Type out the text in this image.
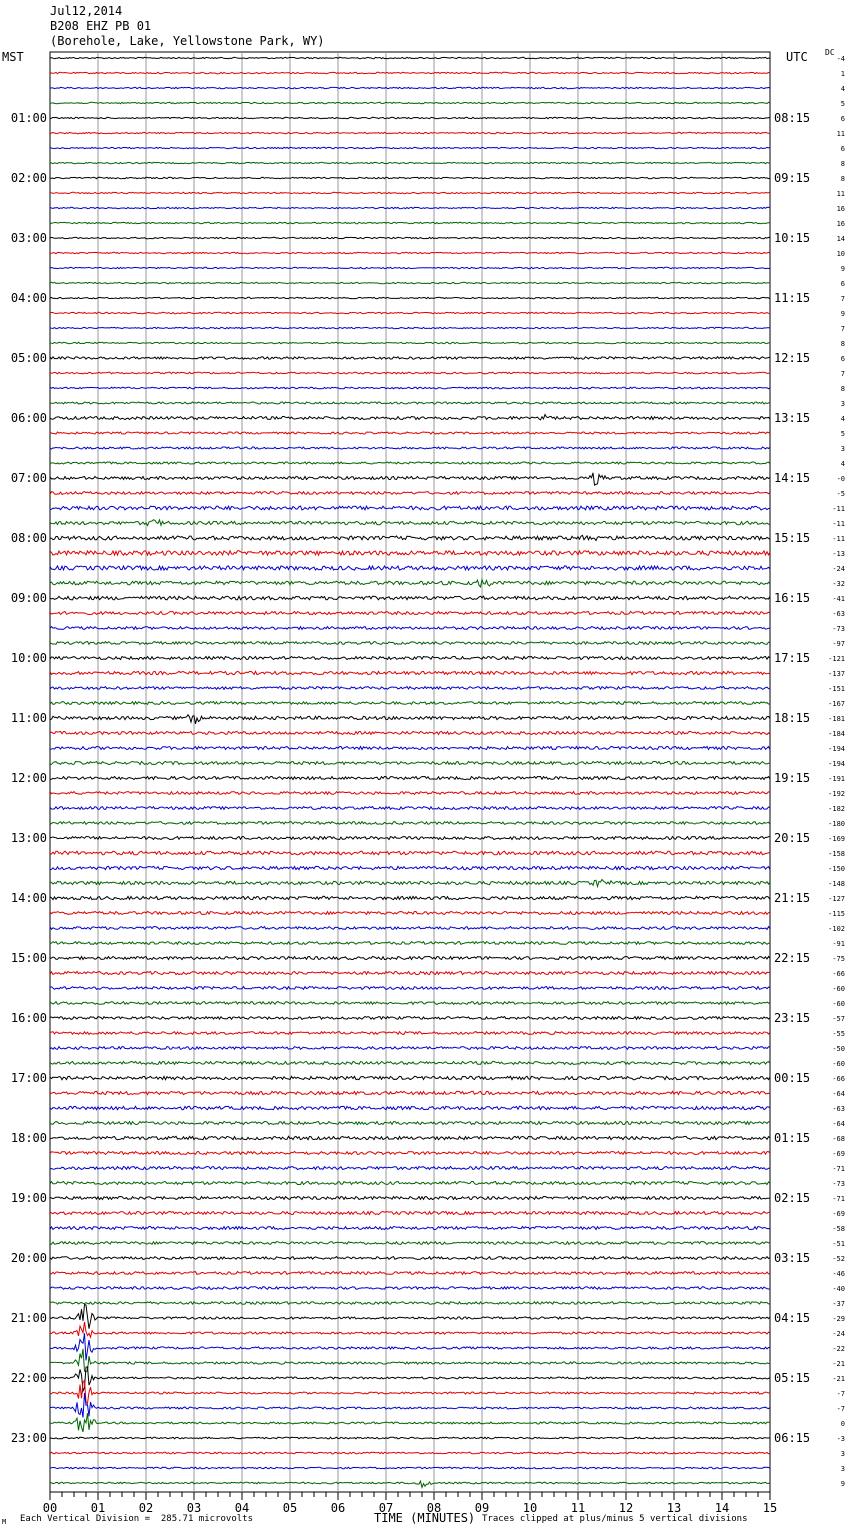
Jul12,2014
B208 EHZ PB 01
(Borehole, Lake, Yellowstone Park, WY)
MST	UTC DC
-4
1
4
5
6
11
6
8
8
11
16
16
14
10
9
6
7
9
7
8
6
7
8
3
4
5
3
4
-0
-5
-11
-11
-11
-13
-24
-32
-41
-63
-73
-97
-121
-137
-151
-167
-181
-184
-194
-194
-191
-192
-182
-180
-169
-158
-150
-148
-127
-115
-102
-91
-75
-66
-60
-60
-57
-55
-50
-60
-66
-64
-63
-64
-68
-69
-71
-73
-71
-69
-58
-51
-52
-46
-40
-37
-29
-24
-22
-21
-21
-7
-7
0
-3
3
3
9
01:00	08:15
02:00	09:15
03:00	10:15
04:00	11:15
05:00	12:15
06:00	13:15
07:00	14:15
08:00	15:15
09:00	16:15
10:00	17:15
11:00	18:15
12:00	19:15
13:00	20:15
14:00	21:15
15:00	22:15
16:00	23:15
17:00	00:15
18:00	01:15
19:00	02:15
20:00	03:15
21:00	04:15
22:00	05:15
23:00	06:15
00	01	02	03	04	05	06	07	08	09	10	11	12	13	14	15
M Each Vertical Division =  285.71 microvolts	TIME (MINUTES) Traces clipped at plus/minus 5 vertical divisions
